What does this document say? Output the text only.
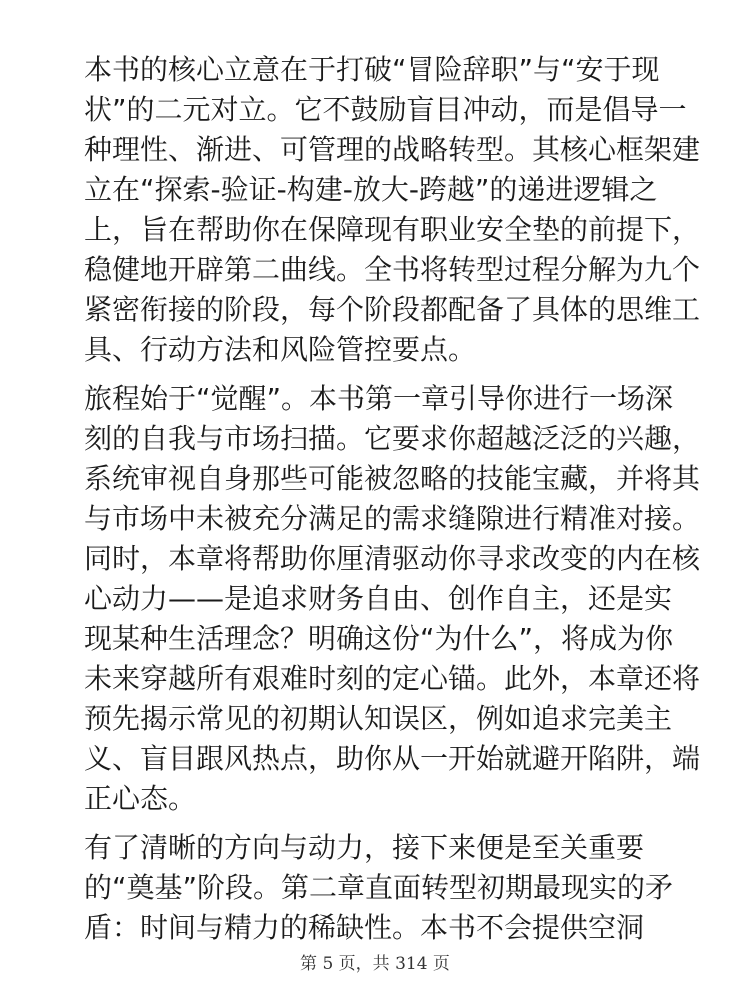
本书的核心立意在于打破“冒险辞职”与“安于现
状”的二元对立。它不鼓励盲目冲动，而是倡导一
种理性、渐进、可管理的战略转型。其核心框架建
立在“探索-验证-构建-放大-跨越”的递进逻辑之
上，旨在帮助你在保障现有职业安全垫的前提下，
稳健地开辟第二曲线。全书将转型过程分解为九个
紧密衔接的阶段，每个阶段都配备了具体的思维工
具、行动方法和风险管控要点。
旅程始于“觉醒”。本书第一章引导你进行一场深
刻的自我与市场扫描。它要求你超越泛泛的兴趣，
系统审视自身那些可能被忽略的技能宝藏，并将其
与市场中未被充分满足的需求缝隙进行精准对接。
同时，本章将帮助你厘清驱动你寻求改变的内在核
心动力——是追求财务自由、创作自主，还是实
现某种生活理念？明确这份“为什么”，将成为你
未来穿越所有艰难时刻的定心锚。此外，本章还将
预先揭示常见的初期认知误区，例如追求完美主
义、盲目跟风热点，助你从一开始就避开陷阱，端
正心态。
有了清晰的方向与动力，接下来便是至关重要
的“奠基”阶段。第二章直面转型初期最现实的矛
盾：时间与精力的稀缺性。本书不会提供空洞
第 5 页，共 314 页
